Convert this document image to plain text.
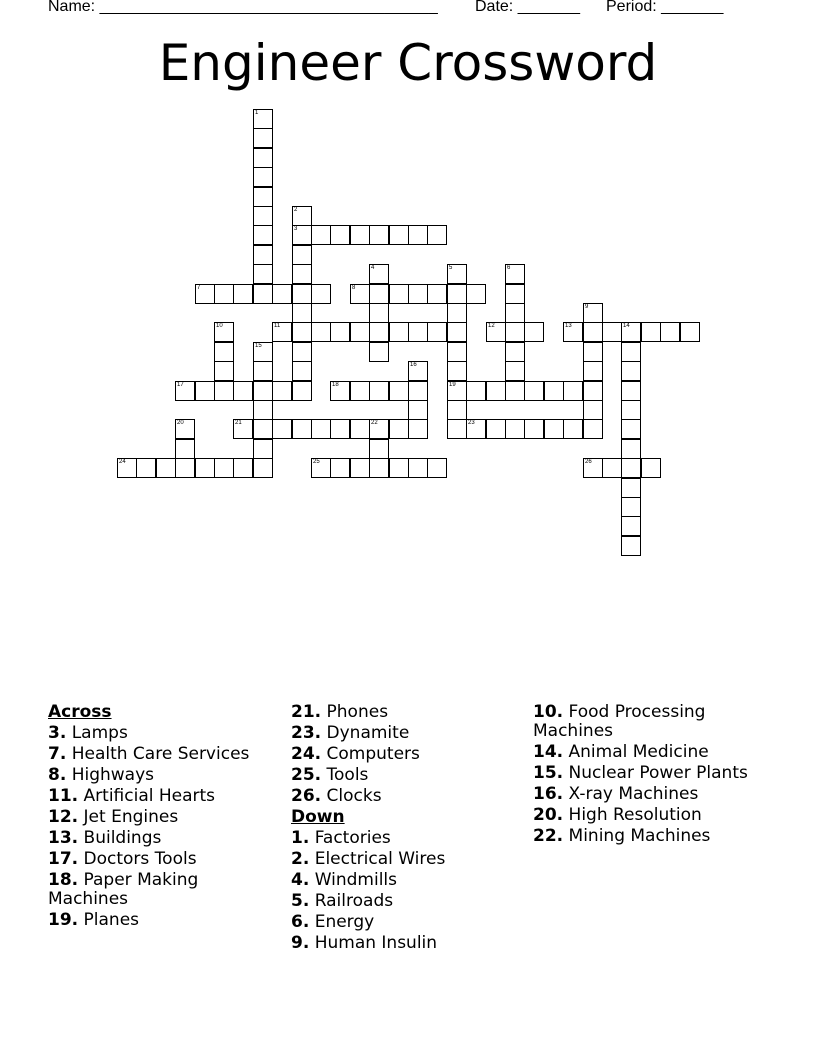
Name: ______________________________________ Date: _______ Period: _______
Engineer Crossword
1
2
3
4	5
19
6
7	8
9
10	11	12	13	14
15
16
17	18
20	21	22	23
24	25	26
Across
3. Lamps
7. Health Care Services
8. Highways
11. Artificial Hearts
12. Jet Engines
13. Buildings
17. Doctors Tools
18. Paper Making Machines
19. Planes
21. Phones
23. Dynamite
24. Computers
25. Tools
26. Clocks
Down
1. Factories
2. Electrical Wires
4. Windmills
5. Railroads
6. Energy
9. Human Insulin
10. Food Processing Machines
14. Animal Medicine
15. Nuclear Power Plants
16. X-ray Machines
20. High Resolution
22. Mining Machines
